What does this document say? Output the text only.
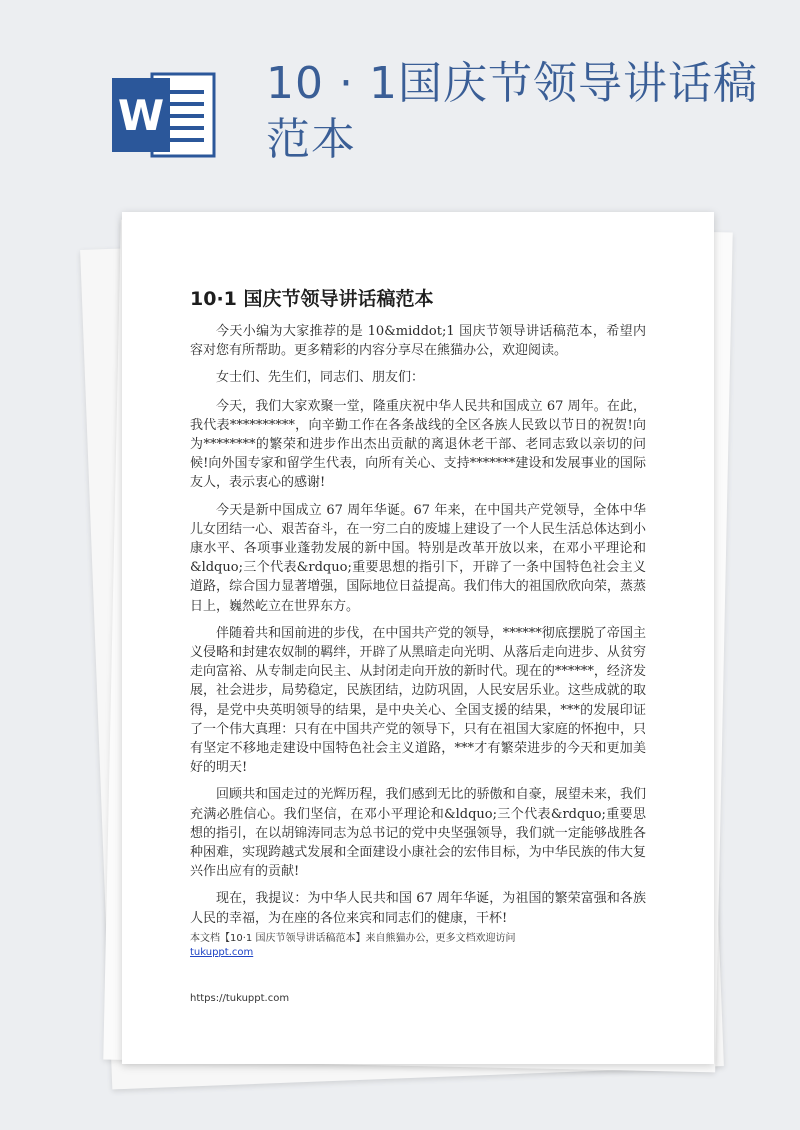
W
10 · 1国庆节领导讲话稿范本
10·1 国庆节领导讲话稿范本

今天小编为大家推荐的是 10&middot;1 国庆节领导讲话稿范本，希望内容对您有所帮助。更多精彩的内容分享尽在熊猫办公，欢迎阅读。

女士们、先生们，同志们、朋友们：

今天，我们大家欢聚一堂，隆重庆祝中华人民共和国成立 67 周年。在此，我代表**********，向辛勤工作在各条战线的全区各族人民致以节日的祝贺!向为********的繁荣和进步作出杰出贡献的离退休老干部、老同志致以亲切的问候!向外国专家和留学生代表，向所有关心、支持*******建设和发展事业的国际友人，表示衷心的感谢!

今天是新中国成立 67 周年华诞。67 年来，在中国共产党领导，全体中华儿女团结一心、艰苦奋斗，在一穷二白的废墟上建设了一个人民生活总体达到小康水平、各项事业蓬勃发展的新中国。特别是改革开放以来，在邓小平理论和&ldquo;三个代表&rdquo;重要思想的指引下，开辟了一条中国特色社会主义道路，综合国力显著增强，国际地位日益提高。我们伟大的祖国欣欣向荣，蒸蒸日上，巍然屹立在世界东方。

伴随着共和国前进的步伐，在中国共产党的领导，******彻底摆脱了帝国主义侵略和封建农奴制的羁绊，开辟了从黑暗走向光明、从落后走向进步、从贫穷走向富裕、从专制走向民主、从封闭走向开放的新时代。现在的******，经济发展，社会进步，局势稳定，民族团结，边防巩固，人民安居乐业。这些成就的取得，是党中央英明领导的结果，是中央关心、全国支援的结果，***的发展印证了一个伟大真理：只有在中国共产党的领导下，只有在祖国大家庭的怀抱中，只有坚定不移地走建设中国特色社会主义道路，***才有繁荣进步的今天和更加美好的明天!

回顾共和国走过的光辉历程，我们感到无比的骄傲和自豪，展望未来，我们充满必胜信心。我们坚信，在邓小平理论和&ldquo;三个代表&rdquo;重要思想的指引，在以胡锦涛同志为总书记的党中央坚强领导，我们就一定能够战胜各种困难，实现跨越式发展和全面建设小康社会的宏伟目标，为中华民族的伟大复兴作出应有的贡献!

现在，我提议：为中华人民共和国 67 周年华诞，为祖国的繁荣富强和各族人民的幸福，为在座的各位来宾和同志们的健康，干杯!

本文档【10·1 国庆节领导讲话稿范本】来自熊猫办公，更多文档欢迎访问
tukuppt.com
https://tukuppt.com
